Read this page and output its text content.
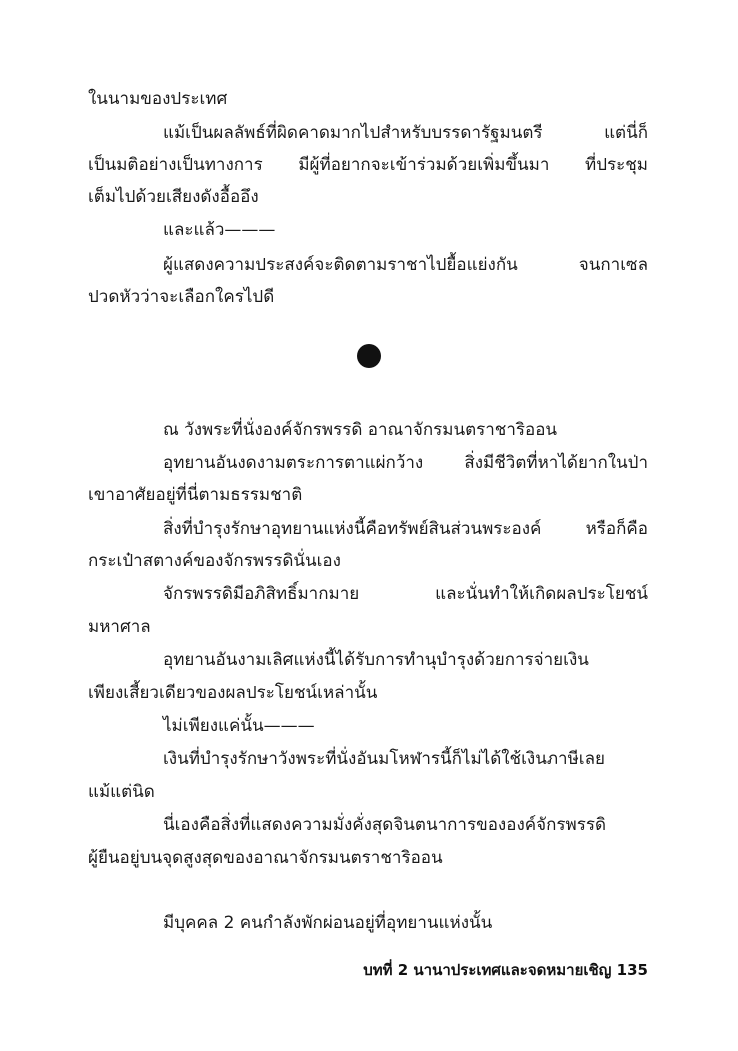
ในนามของประเทศ
แม้เป็นผลลัพธ์ที่ผิดคาดมากไปสำหรับบรรดารัฐมนตรี แต่นี่ก็
เป็นมติอย่างเป็นทางการ มีผู้ที่อยากจะเข้าร่วมด้วยเพิ่มขึ้นมา ที่ประชุม
เต็มไปด้วยเสียงดังอื้ออึง
และแล้ว———
ผู้แสดงความประสงค์จะติดตามราชาไปยื้อแย่งกัน จนกาเซล
ปวดหัวว่าจะเลือกใครไปดี
ณ วังพระที่นั่งองค์จักรพรรดิ อาณาจักรมนตราชาริออน
อุทยานอันงดงามตระการตาแผ่กว้าง สิ่งมีชีวิตที่หาได้ยากในป่า
เขาอาศัยอยู่ที่นี่ตามธรรมชาติ
สิ่งที่บำรุงรักษาอุทยานแห่งนี้คือทรัพย์สินส่วนพระองค์ หรือก็คือ
กระเป๋าสตางค์ของจักรพรรดินั่นเอง
จักรพรรดิมีอภิสิทธิ์มากมาย และนั่นทำให้เกิดผลประโยชน์
มหาศาล
อุทยานอันงามเลิศแห่งนี้ได้รับการทำนุบำรุงด้วยการจ่ายเงิน
เพียงเสี้ยวเดียวของผลประโยชน์เหล่านั้น
ไม่เพียงแค่นั้น———
เงินที่บำรุงรักษาวังพระที่นั่งอันมโหฬารนี้ก็ไม่ได้ใช้เงินภาษีเลย
แม้แต่นิด
นี่เองคือสิ่งที่แสดงความมั่งคั่งสุดจินตนาการขององค์จักรพรรดิ
ผู้ยืนอยู่บนจุดสูงสุดของอาณาจักรมนตราชาริออน
มีบุคคล 2 คนกำลังพักผ่อนอยู่ที่อุทยานแห่งนั้น
บทที่ 2 นานาประเทศและจดหมายเชิญ 135
